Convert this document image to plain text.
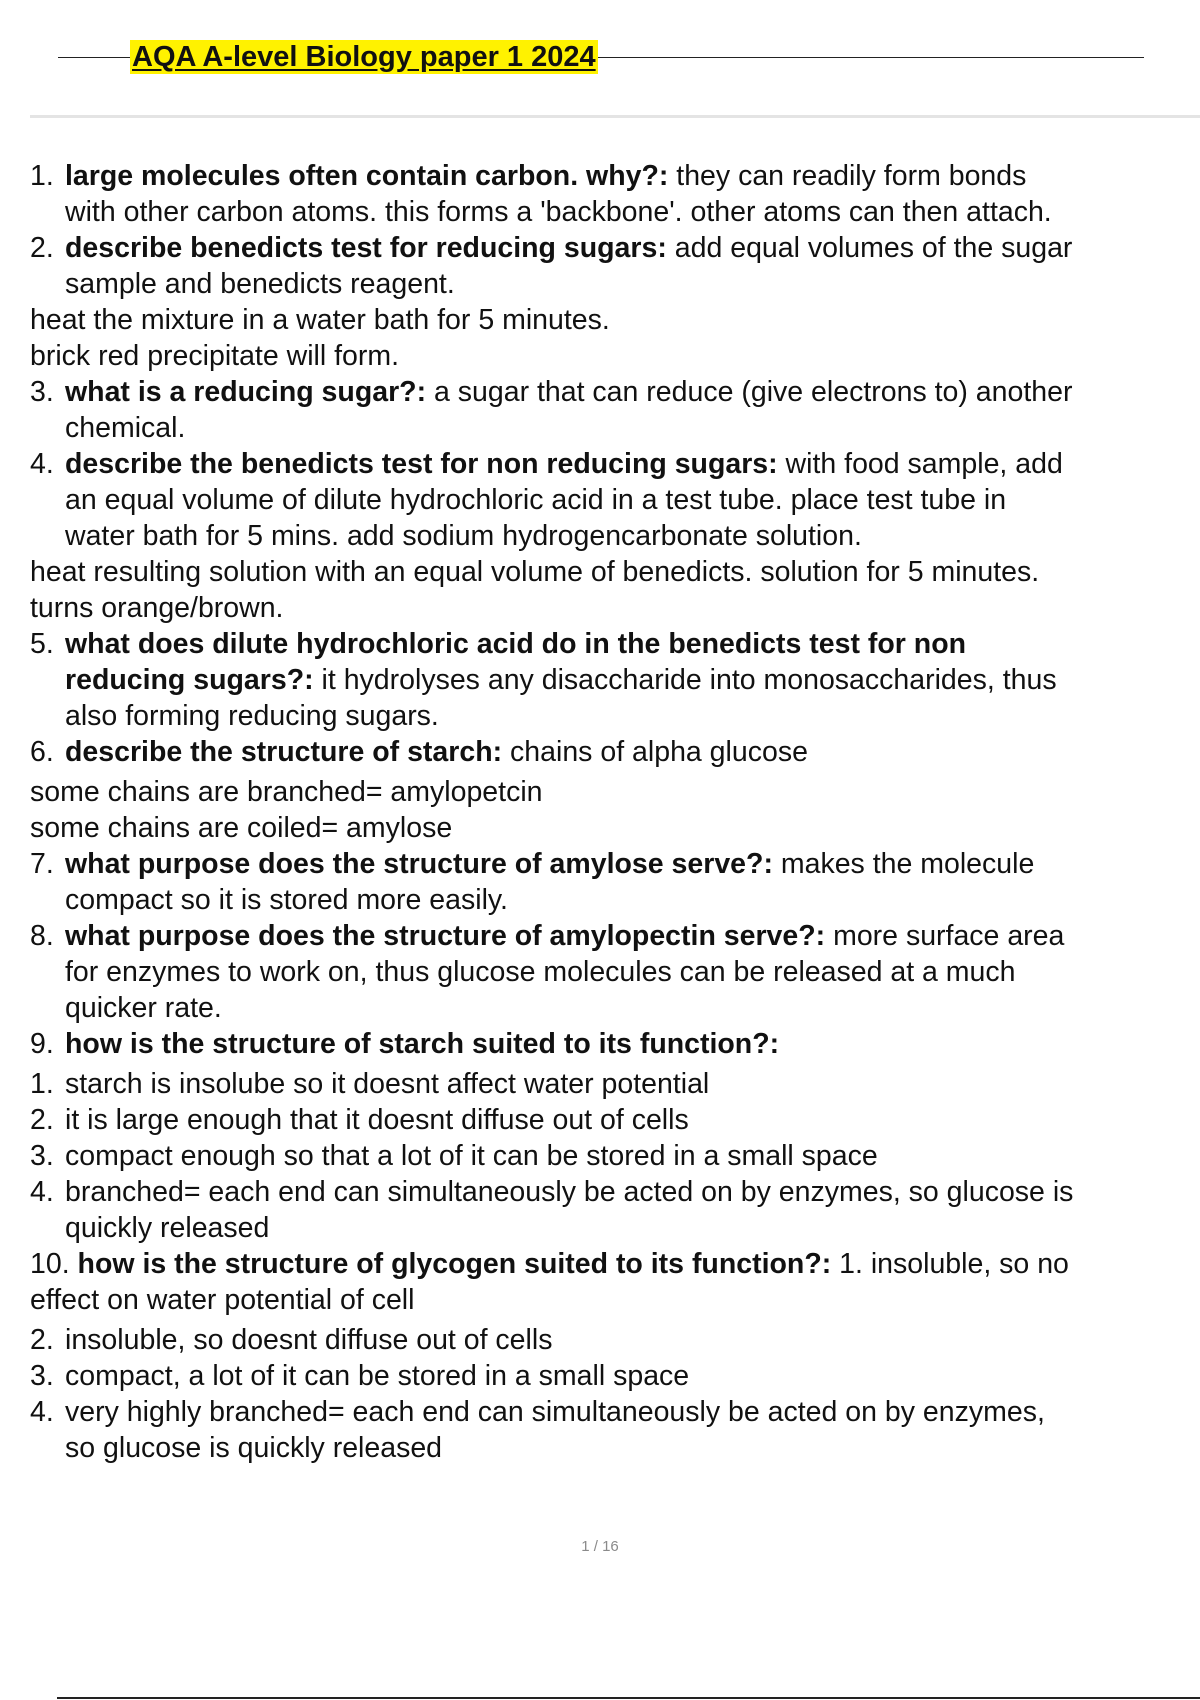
AQA A-level Biology paper 1 2024
1. large molecules often contain carbon. why?: they can readily form bonds
with other carbon atoms. this forms a 'backbone'. other atoms can then attach.
2. describe benedicts test for reducing sugars: add equal volumes of the sugar
sample and benedicts reagent.
heat the mixture in a water bath for 5 minutes.
brick red precipitate will form.
3. what is a reducing sugar?: a sugar that can reduce (give electrons to) another
chemical.
4. describe the benedicts test for non reducing sugars: with food sample, add
an equal volume of dilute hydrochloric acid in a test tube. place test tube in
water bath for 5 mins. add sodium hydrogencarbonate solution.
heat resulting solution with an equal volume of benedicts. solution for 5 minutes.
turns orange/brown.
5. what does dilute hydrochloric acid do in the benedicts test for non
reducing sugars?: it hydrolyses any disaccharide into monosaccharides, thus
also forming reducing sugars.
6. describe the structure of starch: chains of alpha glucose
some chains are branched= amylopetcin
some chains are coiled= amylose
7. what purpose does the structure of amylose serve?: makes the molecule
compact so it is stored more easily.
8. what purpose does the structure of amylopectin serve?: more surface area
for enzymes to work on, thus glucose molecules can be released at a much
quicker rate.
9. how is the structure of starch suited to its function?:
1. starch is insolube so it doesnt affect water potential
2. it is large enough that it doesnt diffuse out of cells
3. compact enough so that a lot of it can be stored in a small space
4. branched= each end can simultaneously be acted on by enzymes, so glucose is
quickly released
10. how is the structure of glycogen suited to its function?: 1. insoluble, so no
effect on water potential of cell
2. insoluble, so doesnt diffuse out of cells
3. compact, a lot of it can be stored in a small space
4. very highly branched= each end can simultaneously be acted on by enzymes,
so glucose is quickly released
1 / 16
